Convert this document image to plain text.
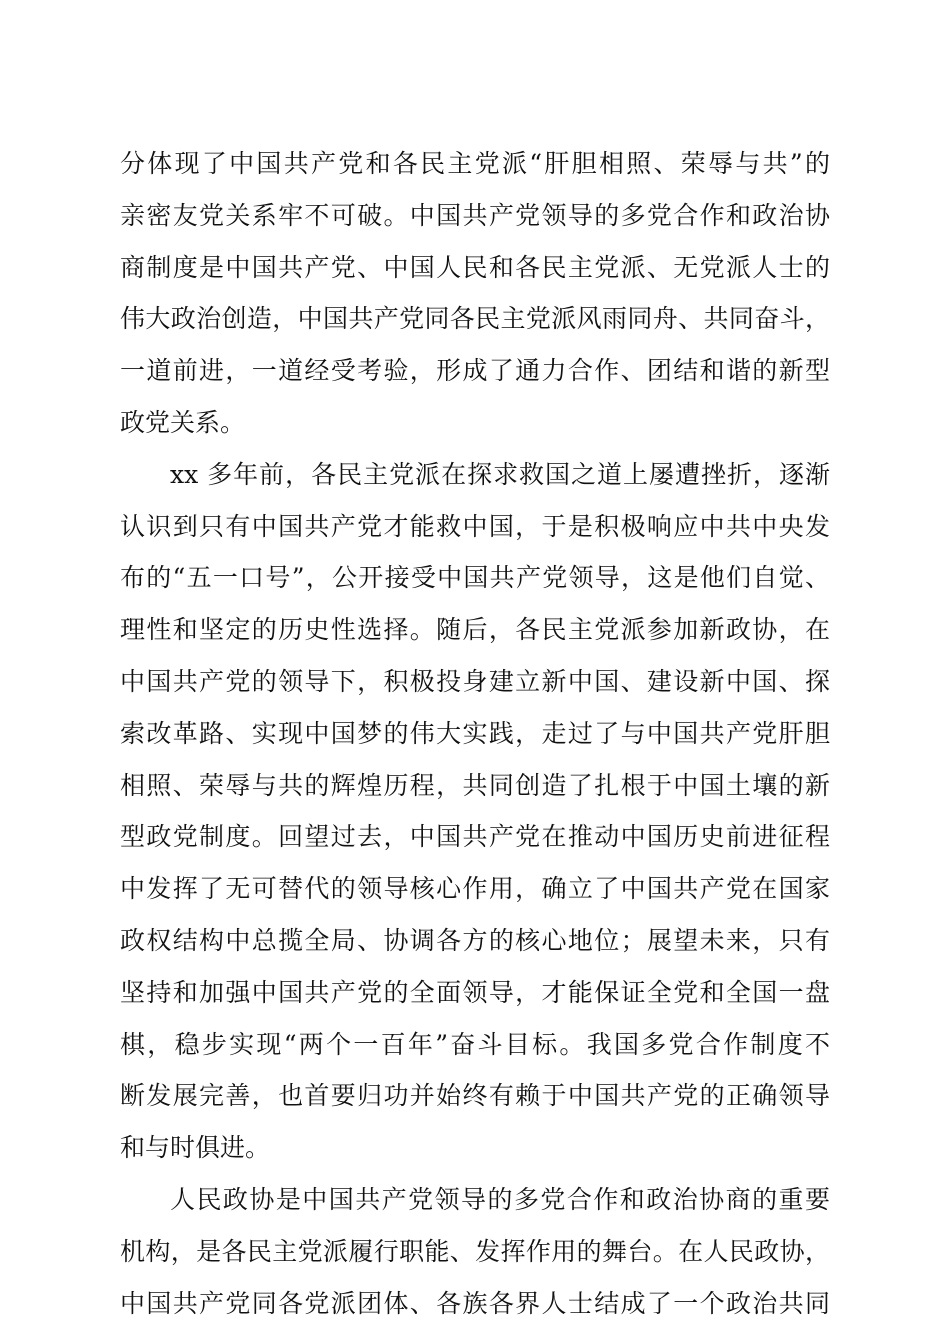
分体现了中国共产党和各民主党派“肝胆相照、荣辱与共”的
亲密友党关系牢不可破。中国共产党领导的多党合作和政治协
商制度是中国共产党、中国人民和各民主党派、无党派人士的
伟大政治创造，中国共产党同各民主党派风雨同舟、共同奋斗，
一道前进，一道经受考验，形成了通力合作、团结和谐的新型
政党关系。
xx 多年前，各民主党派在探求救国之道上屡遭挫折，逐渐
认识到只有中国共产党才能救中国，于是积极响应中共中央发
布的“五一口号”，公开接受中国共产党领导，这是他们自觉、
理性和坚定的历史性选择。随后，各民主党派参加新政协，在
中国共产党的领导下，积极投身建立新中国、建设新中国、探
索改革路、实现中国梦的伟大实践，走过了与中国共产党肝胆
相照、荣辱与共的辉煌历程，共同创造了扎根于中国土壤的新
型政党制度。回望过去，中国共产党在推动中国历史前进征程
中发挥了无可替代的领导核心作用，确立了中国共产党在国家
政权结构中总揽全局、协调各方的核心地位；展望未来，只有
坚持和加强中国共产党的全面领导，才能保证全党和全国一盘
棋，稳步实现“两个一百年”奋斗目标。我国多党合作制度不
断发展完善，也首要归功并始终有赖于中国共产党的正确领导
和与时俱进。
人民政协是中国共产党领导的多党合作和政治协商的重要
机构，是各民主党派履行职能、发挥作用的舞台。在人民政协，
中国共产党同各党派团体、各族各界人士结成了一个政治共同
